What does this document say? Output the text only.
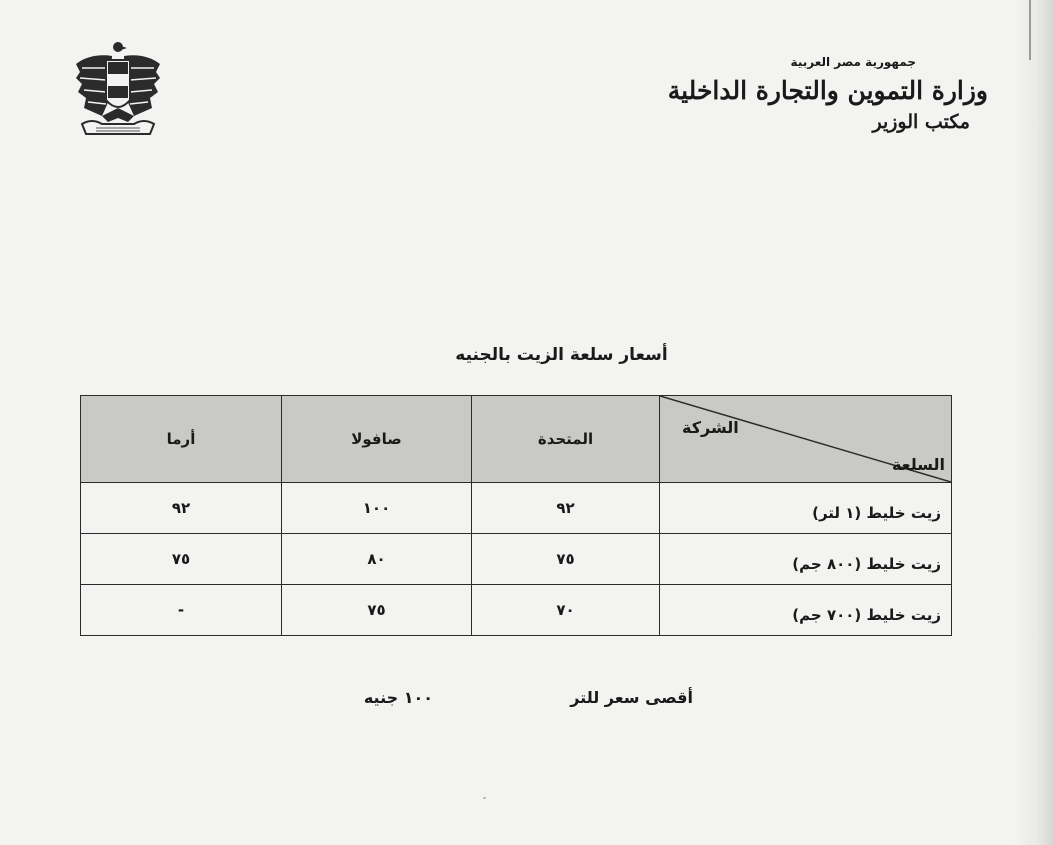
جمهورية مصر العربية
وزارة التموين والتجارة الداخلية
مكتب الوزير
أسعار سلعة الزيت بالجنيه
الشركة
السلعة	المتحدة	صافولا	أرما
زيت خليط (١ لتر)	٩٢	١٠٠	٩٢
زيت خليط (٨٠٠ جم)	٧٥	٨٠	٧٥
زيت خليط (٧٠٠ جم)	٧٠	٧٥	-
أقصى سعر للتر
١٠٠ جنيه
